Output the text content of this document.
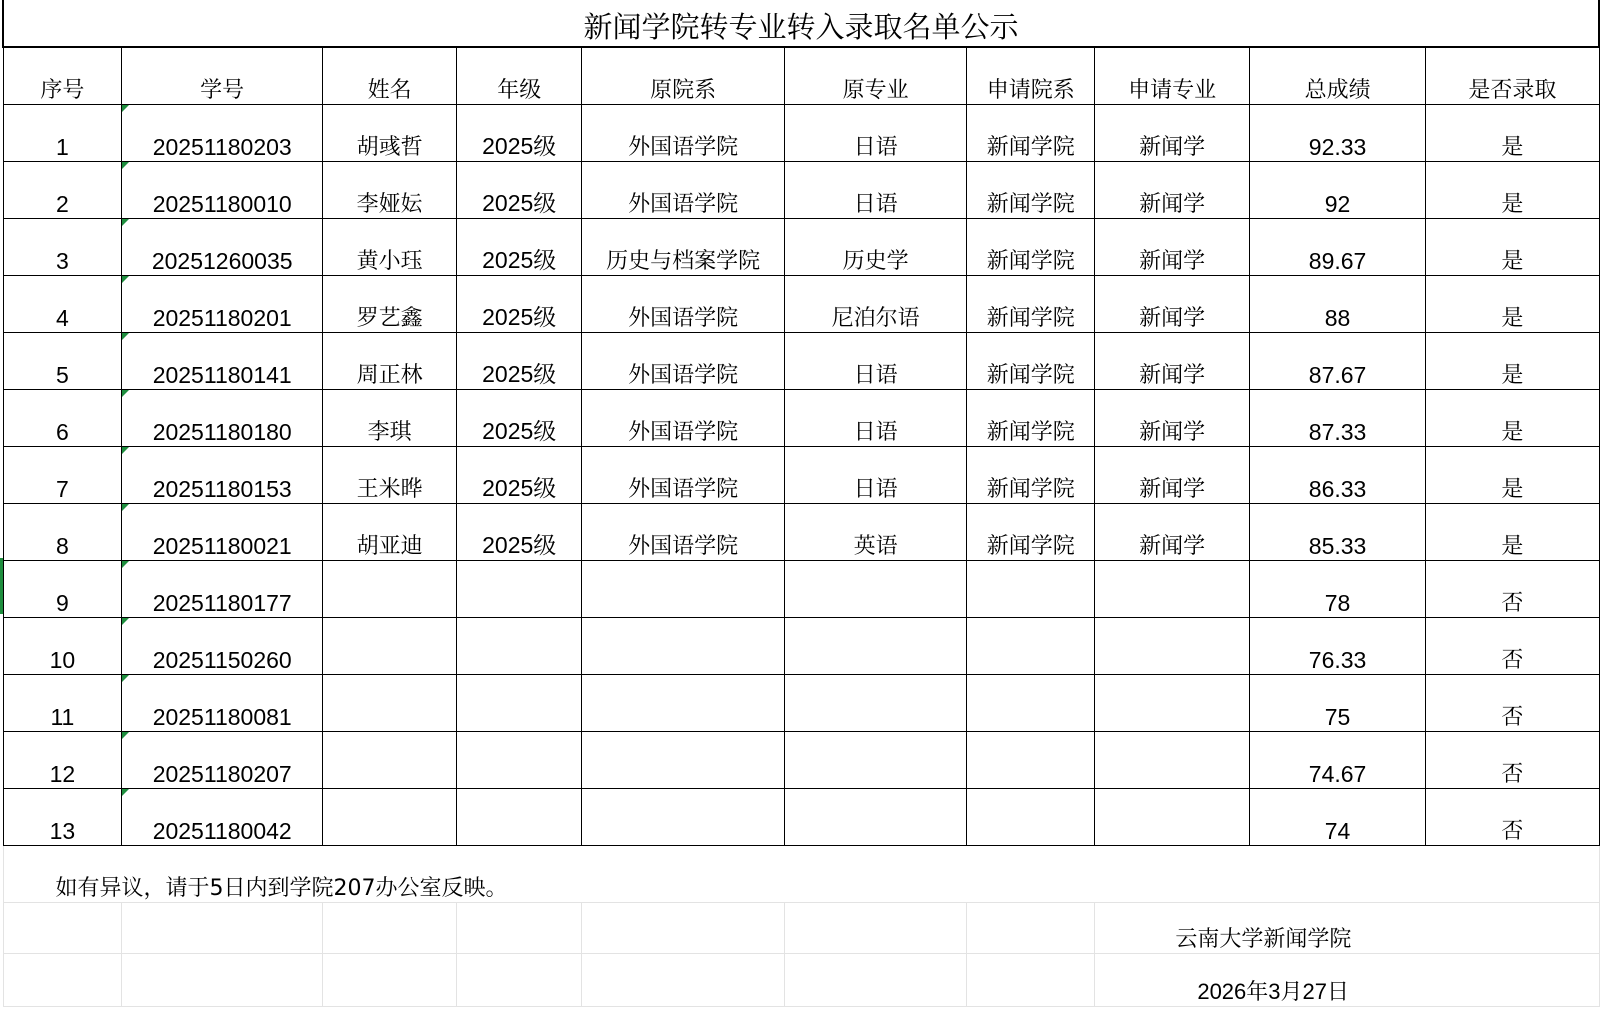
新闻学院转专业转入录取名单公示									
序号	学号	姓名	年级	原院系	原专业	申请院系	申请专业	总成绩	是否录取
1	20251180203	胡彧哲	2025级	外国语学院	日语	新闻学院	新闻学	92.33	是
2	20251180010	李娅妘	2025级	外国语学院	日语	新闻学院	新闻学	92	是
3	20251260035	黄小珏	2025级	历史与档案学院	历史学	新闻学院	新闻学	89.67	是
4	20251180201	罗艺鑫	2025级	外国语学院	尼泊尔语	新闻学院	新闻学	88	是
5	20251180141	周正林	2025级	外国语学院	日语	新闻学院	新闻学	87.67	是
6	20251180180	李琪	2025级	外国语学院	日语	新闻学院	新闻学	87.33	是
7	20251180153	王米晔	2025级	外国语学院	日语	新闻学院	新闻学	86.33	是
8	20251180021	胡亚迪	2025级	外国语学院	英语	新闻学院	新闻学	85.33	是
9	20251180177							78	否
10	20251150260							76.33	否
11	20251180081							75	否
12	20251180207							74.67	否
13	20251180042							74	否
如有异议，请于5日内到学院207办公室反映。									
							云南大学新闻学院		
							2026年3月27日		
